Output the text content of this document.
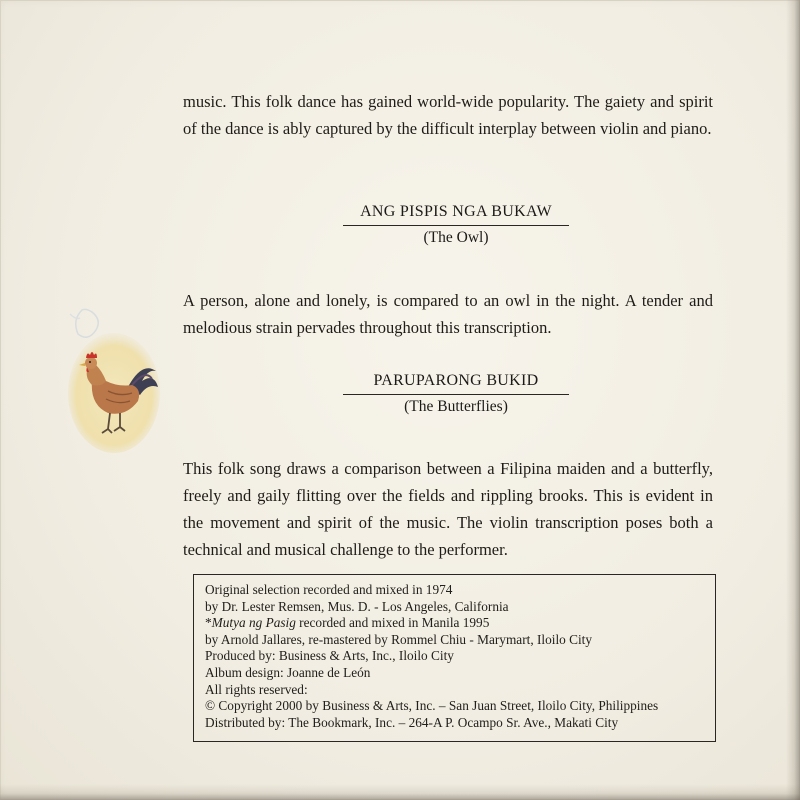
music. This folk dance has gained world-wide popularity. The gaiety and spirit of the dance is ably captured by the difficult interplay between violin and piano.
ANG PISPIS NGA BUKAW
(The Owl)
A person, alone and lonely, is compared to an owl in the night. A tender and melodious strain pervades throughout this transcription.
PARUPARONG BUKID
(The Butterflies)
This folk song draws a comparison between a Filipina maiden and a butterfly, freely and gaily flitting over the fields and rippling brooks. This is evident in the movement and spirit of the music. The violin transcription poses both a technical and musical challenge to the performer.
Original selection recorded and mixed in 1974
by Dr. Lester Remsen, Mus. D. - Los Angeles, California
*Mutya ng Pasig recorded and mixed in Manila 1995
by Arnold Jallares, re-mastered by Rommel Chiu - Marymart, Iloilo City
Produced by: Business & Arts, Inc., Iloilo City
Album design: Joanne de León
All rights reserved:
© Copyright 2000 by Business & Arts, Inc. – San Juan Street, Iloilo City, Philippines
Distributed by: The Bookmark, Inc. – 264-A P. Ocampo Sr. Ave., Makati City
